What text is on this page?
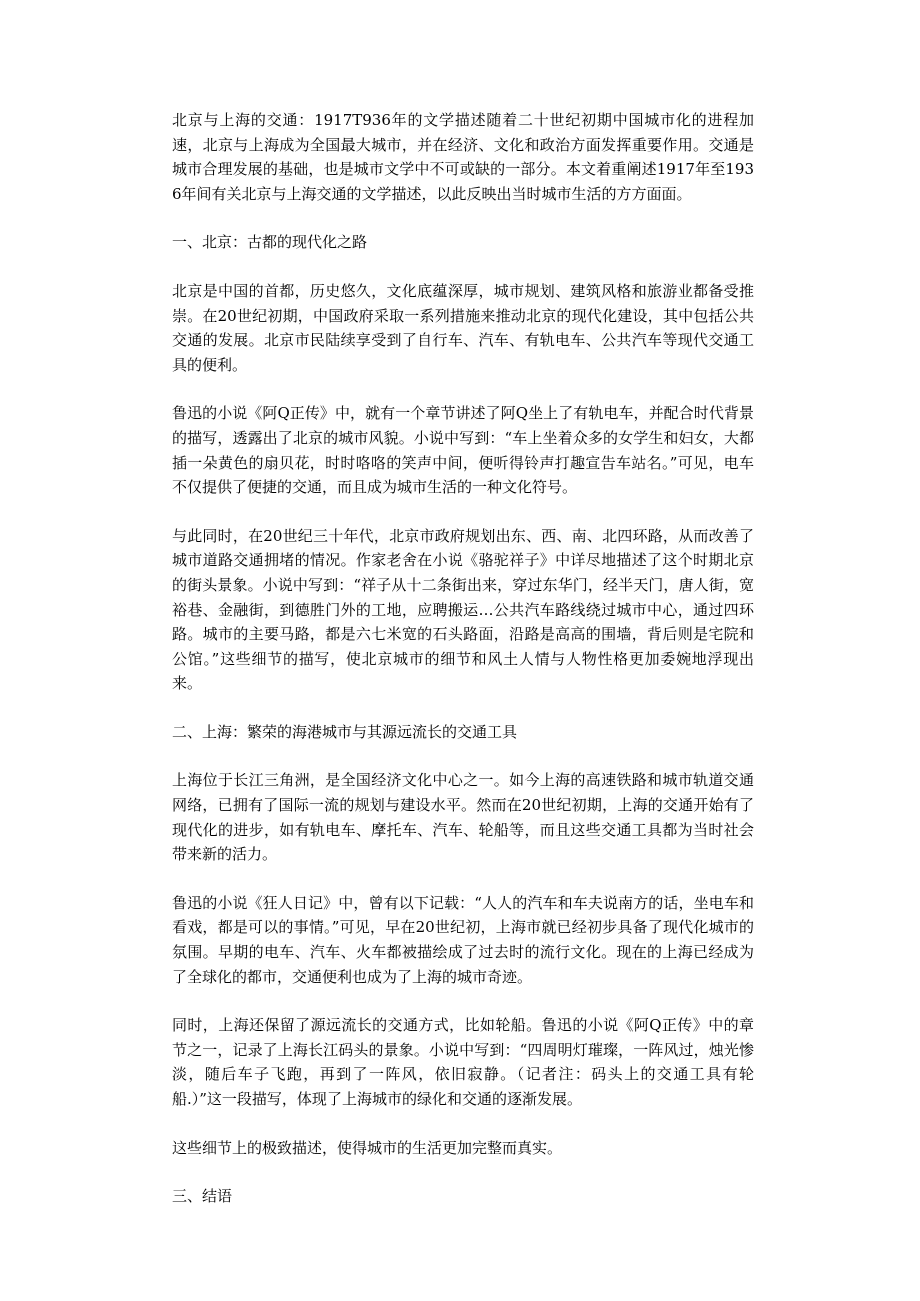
北京与上海的交通：1917T936年的文学描述随着二十世纪初期中国城市化的进程加速，北京与上海成为全国最大城市，并在经济、文化和政治方面发挥重要作用。交通是城市合理发展的基础，也是城市文学中不可或缺的一部分。本文着重阐述1917年至1936年间有关北京与上海交通的文学描述，以此反映出当时城市生活的方方面面。

一、北京：古都的现代化之路

北京是中国的首都，历史悠久，文化底蕴深厚，城市规划、建筑风格和旅游业都备受推崇。在20世纪初期，中国政府采取一系列措施来推动北京的现代化建设，其中包括公共交通的发展。北京市民陆续享受到了自行车、汽车、有轨电车、公共汽车等现代交通工具的便利。

鲁迅的小说《阿Q正传》中，就有一个章节讲述了阿Q坐上了有轨电车，并配合时代背景的描写，透露出了北京的城市风貌。小说中写到：“车上坐着众多的女学生和妇女，大都插一朵黄色的扇贝花，时时咯咯的笑声中间，便听得铃声打趣宣告车站名。”可见，电车不仅提供了便捷的交通，而且成为城市生活的一种文化符号。

与此同时，在20世纪三十年代，北京市政府规划出东、西、南、北四环路，从而改善了城市道路交通拥堵的情况。作家老舍在小说《骆驼祥子》中详尽地描述了这个时期北京的街头景象。小说中写到：“祥子从十二条街出来，穿过东华门，经半天门，唐人街，宽裕巷、金融街，到德胜门外的工地，应聘搬运…公共汽车路线绕过城市中心，通过四环路。城市的主要马路，都是六七米宽的石头路面，沿路是高高的围墙，背后则是宅院和公馆。”这些细节的描写，使北京城市的细节和风土人情与人物性格更加委婉地浮现出来。

二、上海：繁荣的海港城市与其源远流长的交通工具

上海位于长江三角洲，是全国经济文化中心之一。如今上海的高速铁路和城市轨道交通网络，已拥有了国际一流的规划与建设水平。然而在20世纪初期，上海的交通开始有了现代化的进步，如有轨电车、摩托车、汽车、轮船等，而且这些交通工具都为当时社会带来新的活力。

鲁迅的小说《狂人日记》中，曾有以下记载：“人人的汽车和车夫说南方的话，坐电车和看戏，都是可以的事情。”可见，早在20世纪初，上海市就已经初步具备了现代化城市的氛围。早期的电车、汽车、火车都被描绘成了过去时的流行文化。现在的上海已经成为了全球化的都市，交通便利也成为了上海的城市奇迹。

同时，上海还保留了源远流长的交通方式，比如轮船。鲁迅的小说《阿Q正传》中的章节之一，记录了上海长江码头的景象。小说中写到：“四周明灯璀璨，一阵风过，烛光惨淡，随后车子飞跑，再到了一阵风，依旧寂静。（记者注：码头上的交通工具有轮船.）”这一段描写，体现了上海城市的绿化和交通的逐渐发展。

这些细节上的极致描述，使得城市的生活更加完整而真实。

三、结语
